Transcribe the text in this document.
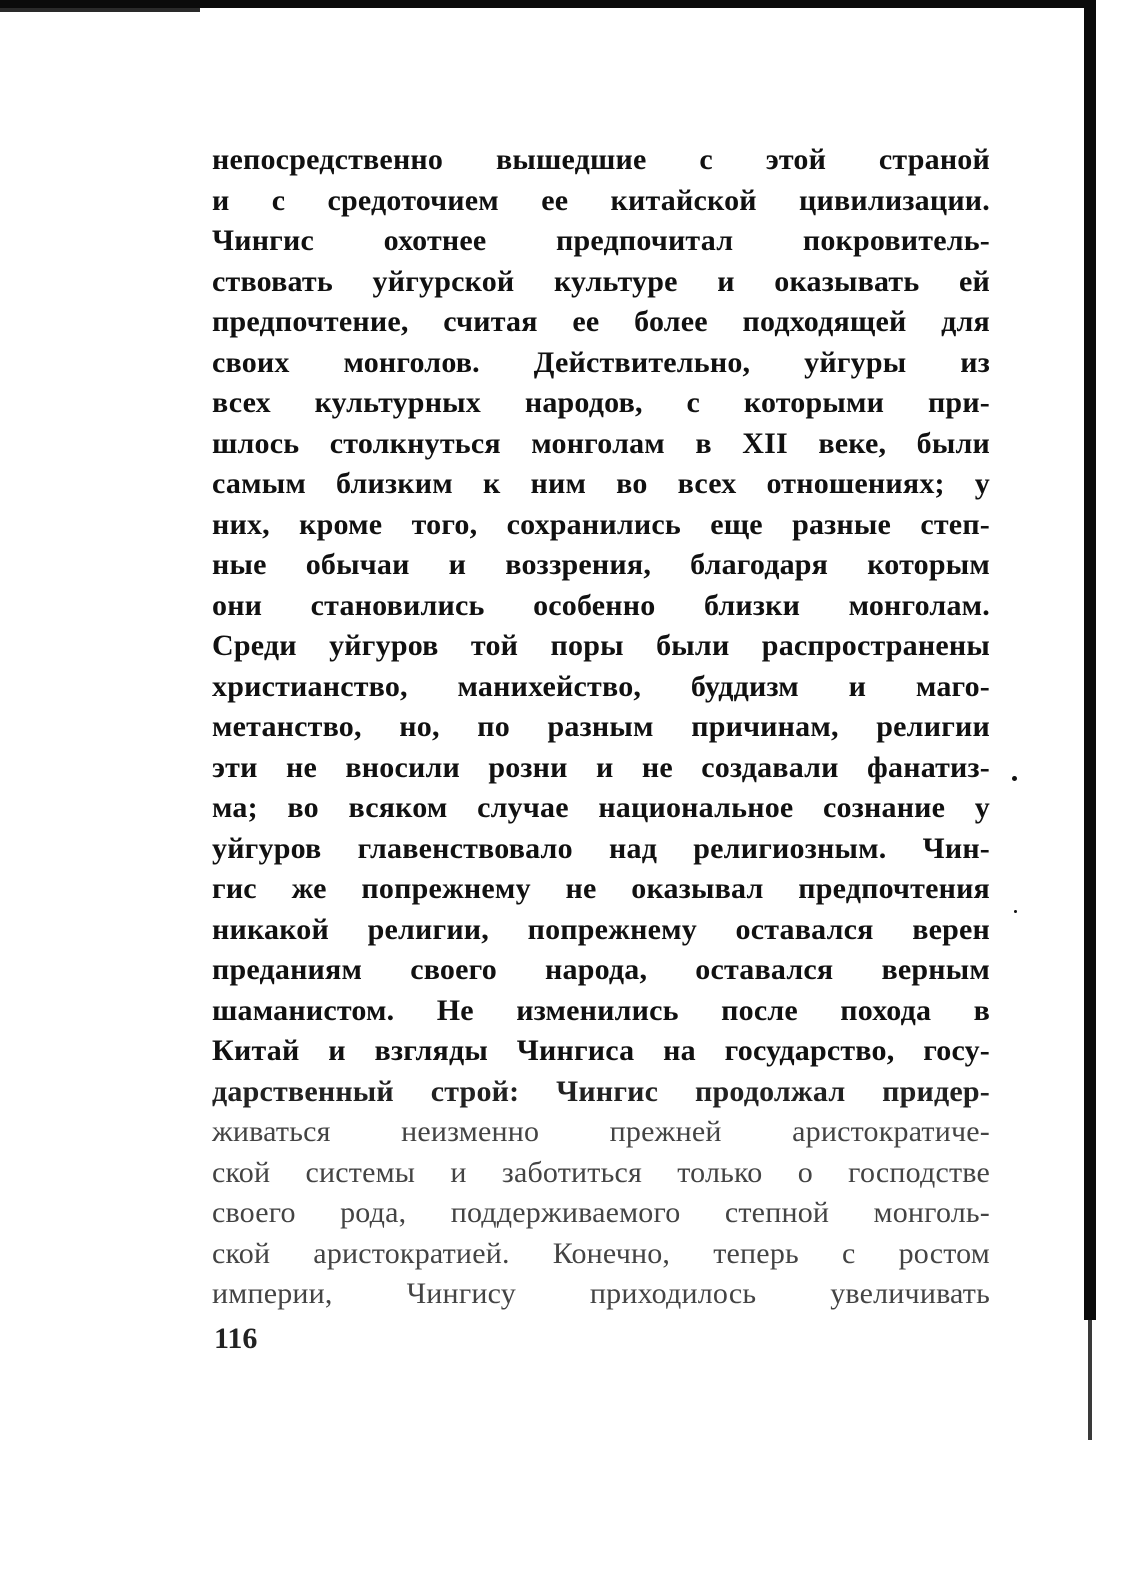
непосредственно вышедшие с этой страной
и с средоточием ее китайской цивилизации.
Чингис охотнее предпочитал покровитель-
ствовать уйгурской культуре и оказывать ей
предпочтение, считая ее более подходящей для
своих монголов. Действительно, уйгуры из
всех культурных народов, с которыми при-
шлось столкнуться монголам в XII веке, были
самым близким к ним во всех отношениях; у
них, кроме того, сохранились еще разные степ-
ные обычаи и воззрения, благодаря которым
они становились особенно близки монголам.
Среди уйгуров той поры были распространены
христианство, манихейство, буддизм и маго-
метанство, но, по разным причинам, религии
эти не вносили розни и не создавали фанатиз-
ма; во всяком случае национальное сознание у
уйгуров главенствовало над религиозным. Чин-
гис же попрежнему не оказывал предпочтения
никакой религии, попрежнему оставался верен
преданиям своего народа, оставался верным
шаманистом. Не изменились после похода в
Китай и взгляды Чингиса на государство, госу-
дарственный строй: Чингис продолжал придер-
живаться неизменно прежней аристократиче-
ской системы и заботиться только о господстве
своего рода, поддерживаемого степной монголь-
ской аристократией. Конечно, теперь с ростом
империи, Чингису приходилось увеличивать
116
